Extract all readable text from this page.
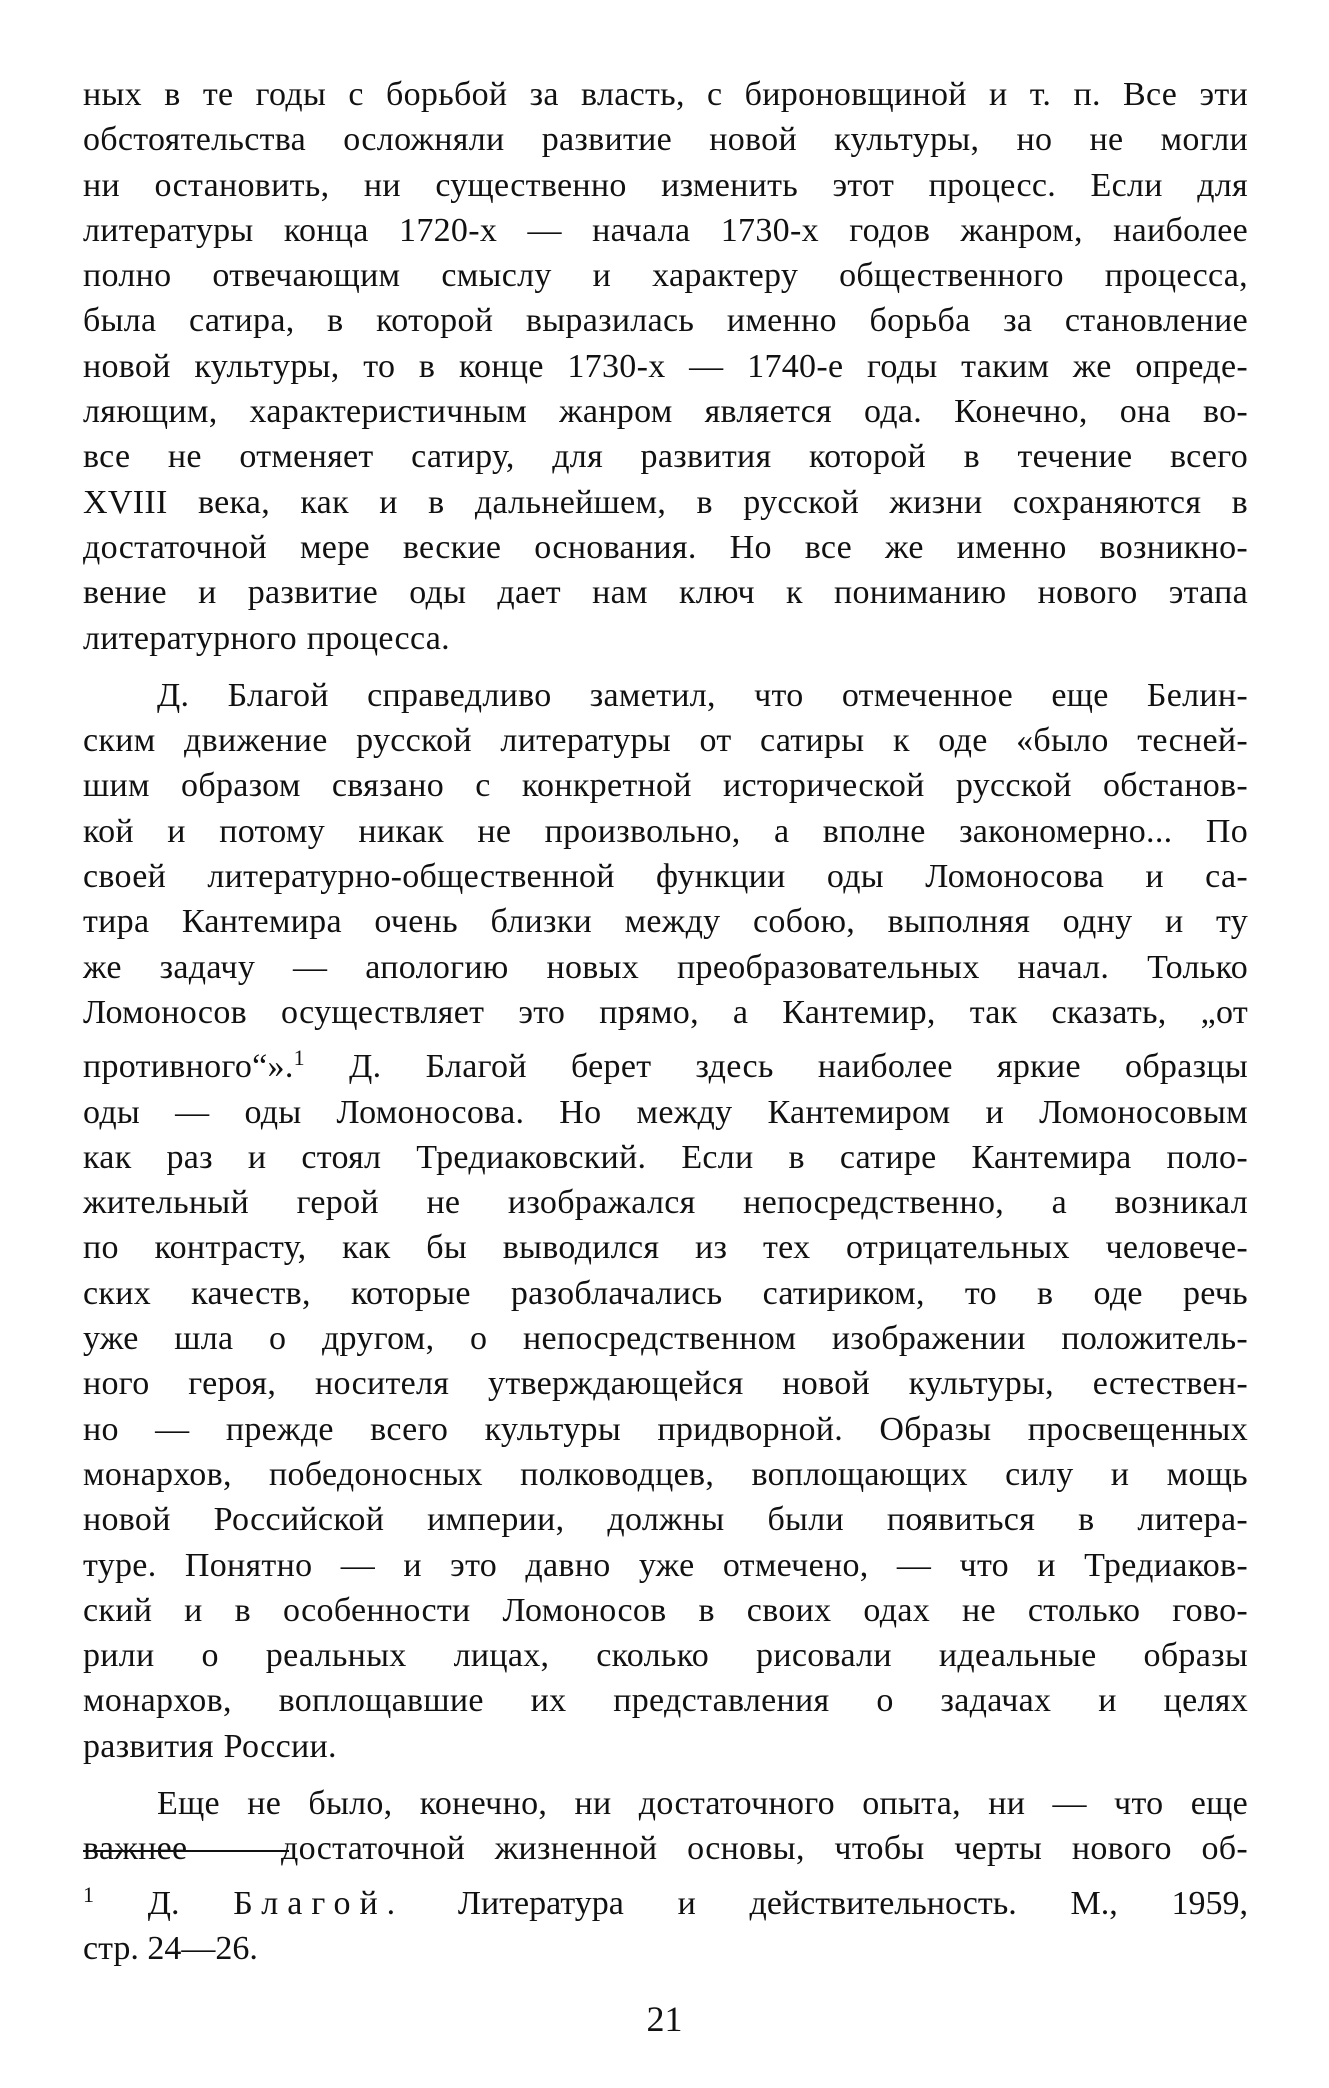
ных в те годы с борьбой за власть, с бироновщиной и т. п. Все эти
обстоятельства осложняли развитие новой культуры, но не могли
ни остановить, ни существенно изменить этот процесс. Если для
литературы конца 1720-х — начала 1730-х годов жанром, наиболее
полно отвечающим смыслу и характеру общественного процесса,
была сатира, в которой выразилась именно борьба за становление
новой культуры, то в конце 1730-х — 1740-е годы таким же опреде-
ляющим, характеристичным жанром является ода. Конечно, она во-
все не отменяет сатиру, для развития которой в течение всего
XVIII века, как и в дальнейшем, в русской жизни сохраняются в
достаточной мере веские основания. Но все же именно возникно-
вение и развитие оды дает нам ключ к пониманию нового этапа
литературного процесса.

Д. Благой справедливо заметил, что отмеченное еще Белин-
ским движение русской литературы от сатиры к оде «было тесней-
шим образом связано с конкретной исторической русской обстанов-
кой и потому никак не произвольно, а вполне закономерно... По
своей литературно-общественной функции оды Ломоносова и са-
тира Кантемира очень близки между собою, выполняя одну и ту
же задачу — апологию новых преобразовательных начал. Только
Ломоносов осуществляет это прямо, а Кантемир, так сказать, „от
противного“».$^1$ Д. Благой берет здесь наиболее яркие образцы
оды — оды Ломоносова. Но между Кантемиром и Ломоносовым
как раз и стоял Тредиаковский. Если в сатире Кантемира поло-
жительный герой не изображался непосредственно, а возникал
по контрасту, как бы выводился из тех отрицательных человече-
ских качеств, которые разоблачались сатириком, то в оде речь
уже шла о другом, о непосредственном изображении положитель-
ного героя, носителя утверждающейся новой культуры, естествен-
но — прежде всего культуры придворной. Образы просвещенных
монархов, победоносных полководцев, воплощающих силу и мощь
новой Российской империи, должны были появиться в литера-
туре. Понятно — и это давно уже отмечено, — что и Тредиаков-
ский и в особенности Ломоносов в своих одах не столько гово-
рили о реальных лицах, сколько рисовали идеальные образы
монархов, воплощавшие их представления о задачах и целях
развития России.

Еще не было, конечно, ни достаточного опыта, ни — что еще
важнее — достаточной жизненной основы, чтобы черты нового об-

$^1$ Д. Благой. Литература и действительность. М., 1959,
стр. 24—26.
21
